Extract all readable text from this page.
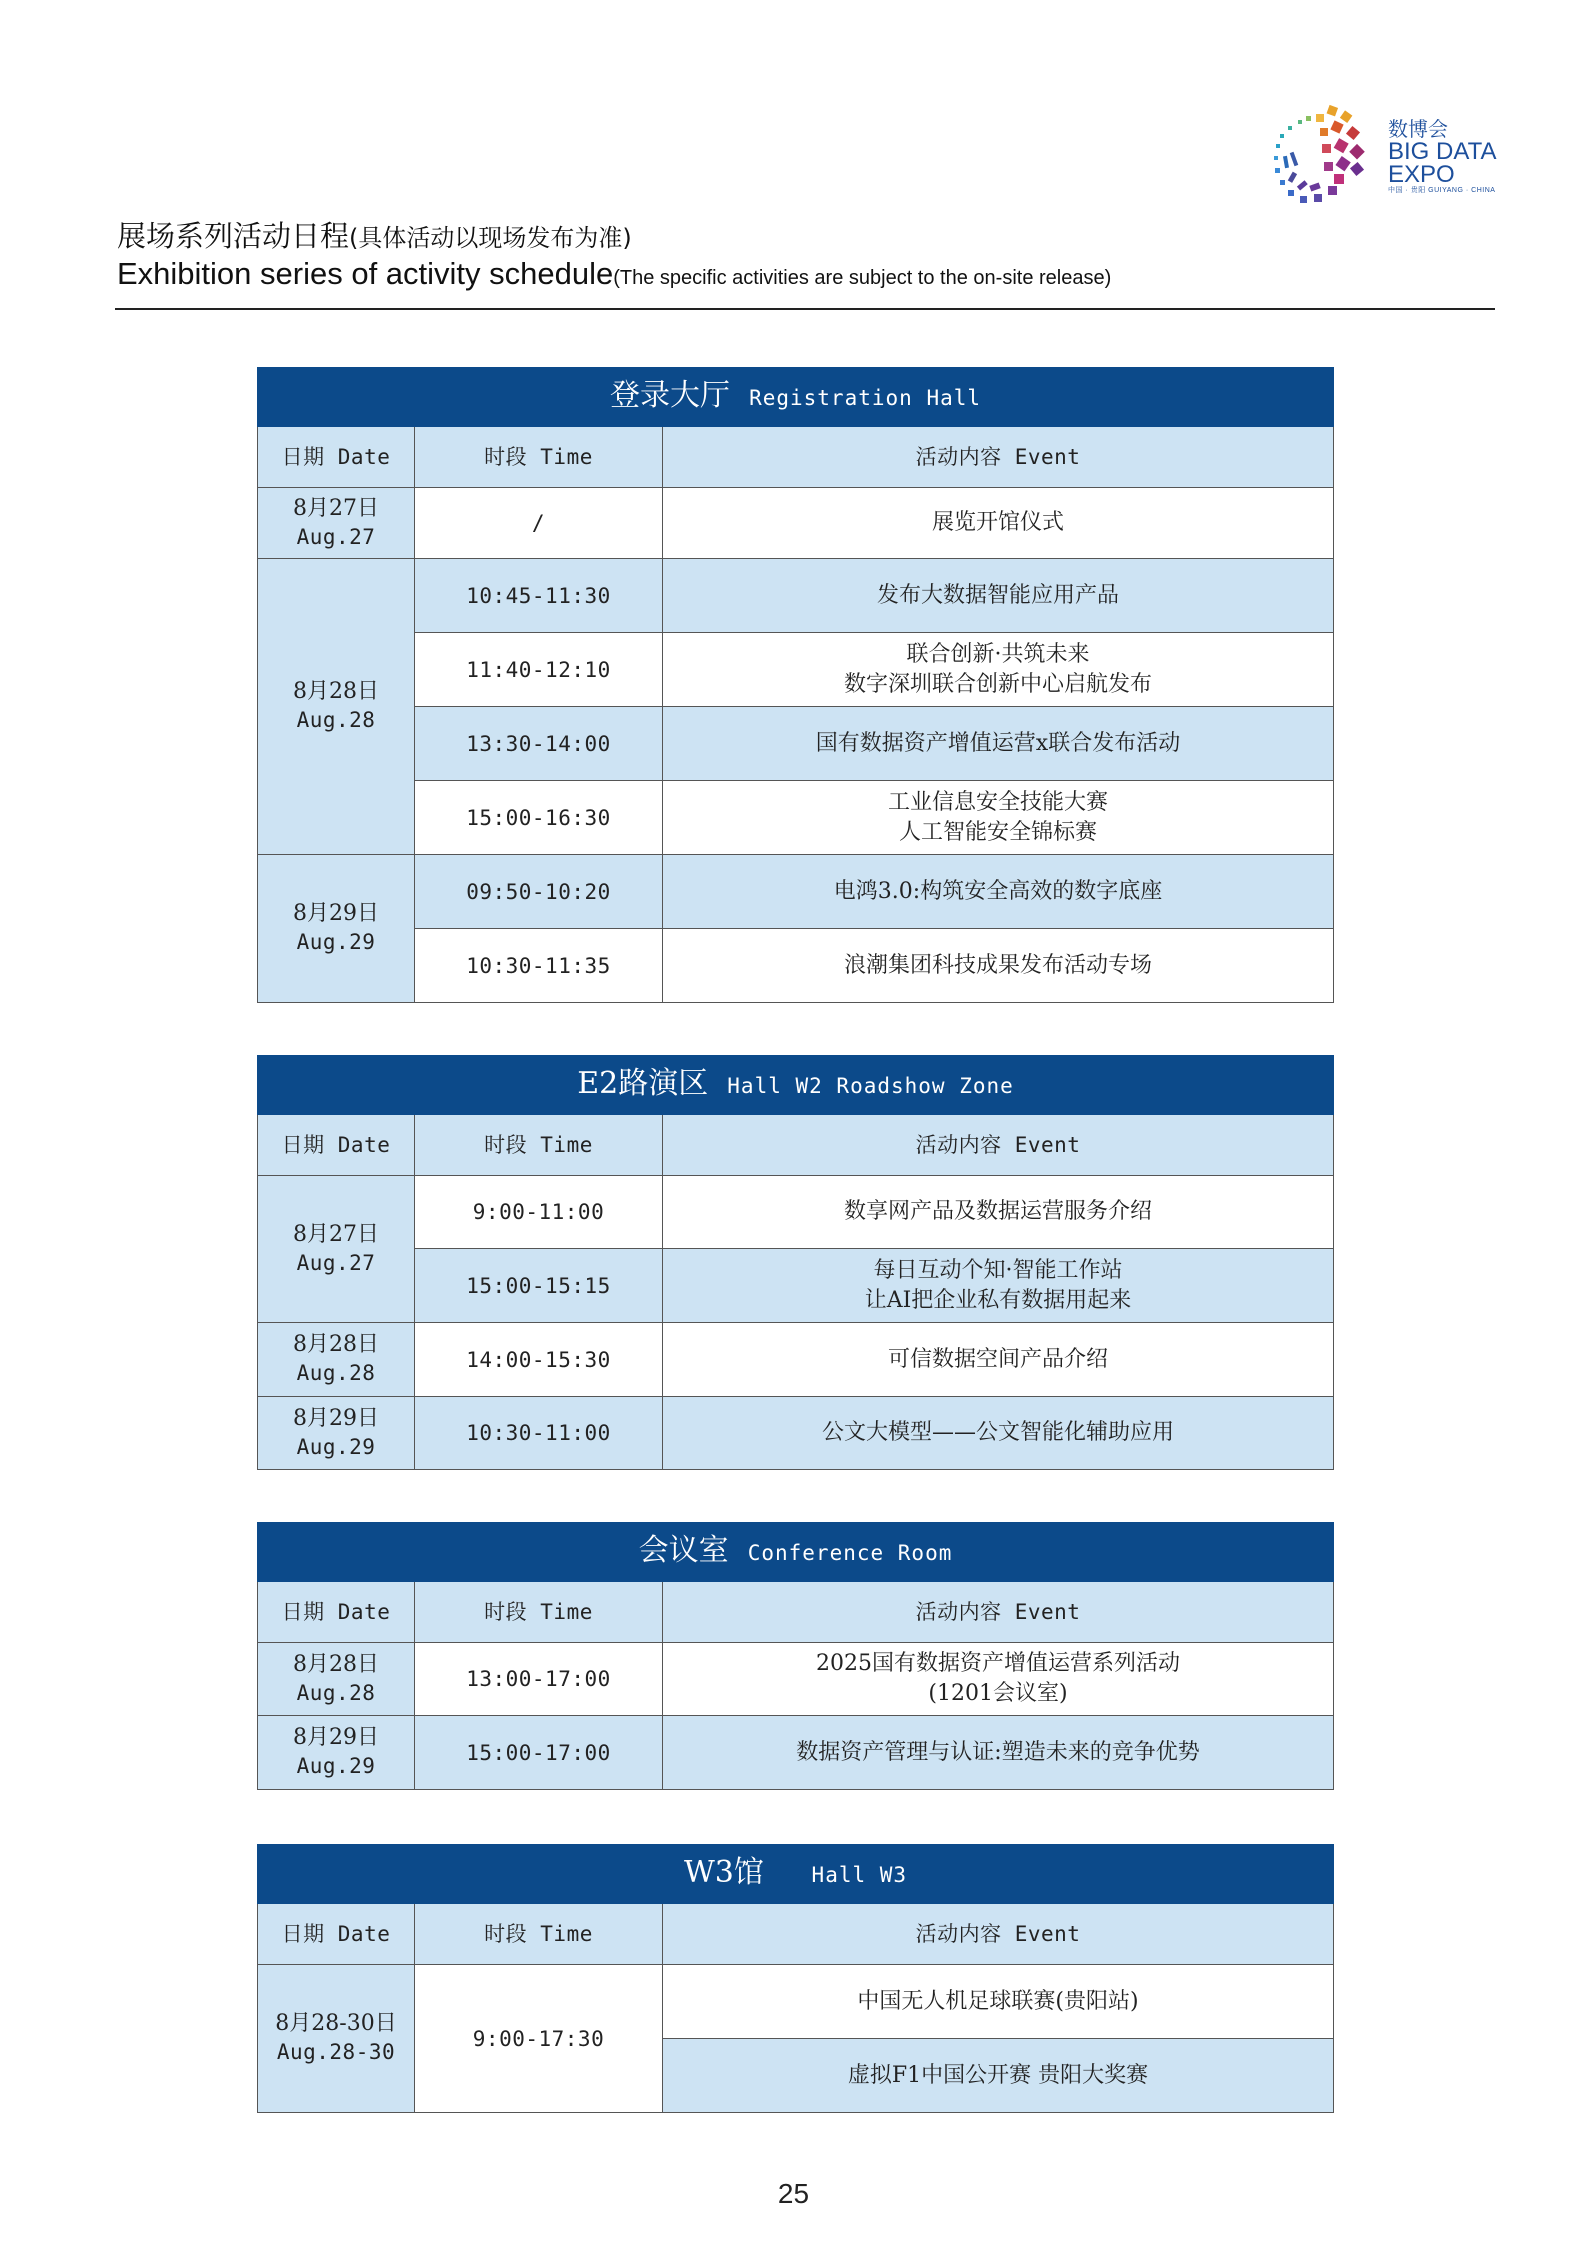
展场系列活动日程(具体活动以现场发布为准)
Exhibition series of activity schedule(The specific activities are subject to the on-site release)
数博会
BIG DATA
EXPO
中国 · 贵阳 GUIYANG · CHINA
登录大厅 Registration Hall		
日期 Date	时段 Time	活动内容 Event
8月27日
Aug.27	/	展览开馆仪式
8月28日
Aug.28	10:45-11:30	发布大数据智能应用产品
	11:40-12:10	联合创新·共筑未来
数字深圳联合创新中心启航发布
	13:30-14:00	国有数据资产增值运营x联合发布活动
	15:00-16:30	工业信息安全技能大赛
人工智能安全锦标赛
8月29日
Aug.29	09:50-10:20	电鸿3.0:构筑安全高效的数字底座
	10:30-11:35	浪潮集团科技成果发布活动专场
E2路演区 Hall W2 Roadshow Zone		
日期 Date	时段 Time	活动内容 Event
8月27日
Aug.27	9:00-11:00	数享网产品及数据运营服务介绍
	15:00-15:15	每日互动个知·智能工作站
让AI把企业私有数据用起来
8月28日
Aug.28	14:00-15:30	可信数据空间产品介绍
8月29日
Aug.29	10:30-11:00	公文大模型——公文智能化辅助应用
会议室 Conference Room		
日期 Date	时段 Time	活动内容 Event
8月28日
Aug.28	13:00-17:00	2025国有数据资产增值运营系列活动
(1201会议室)
8月29日
Aug.29	15:00-17:00	数据资产管理与认证:塑造未来的竞争优势
W3馆 Hall W3		
日期 Date	时段 Time	活动内容 Event
8月28-30日
Aug.28-30	9:00-17:30	中国无人机足球联赛(贵阳站)
		虚拟F1中国公开赛 贵阳大奖赛
25
